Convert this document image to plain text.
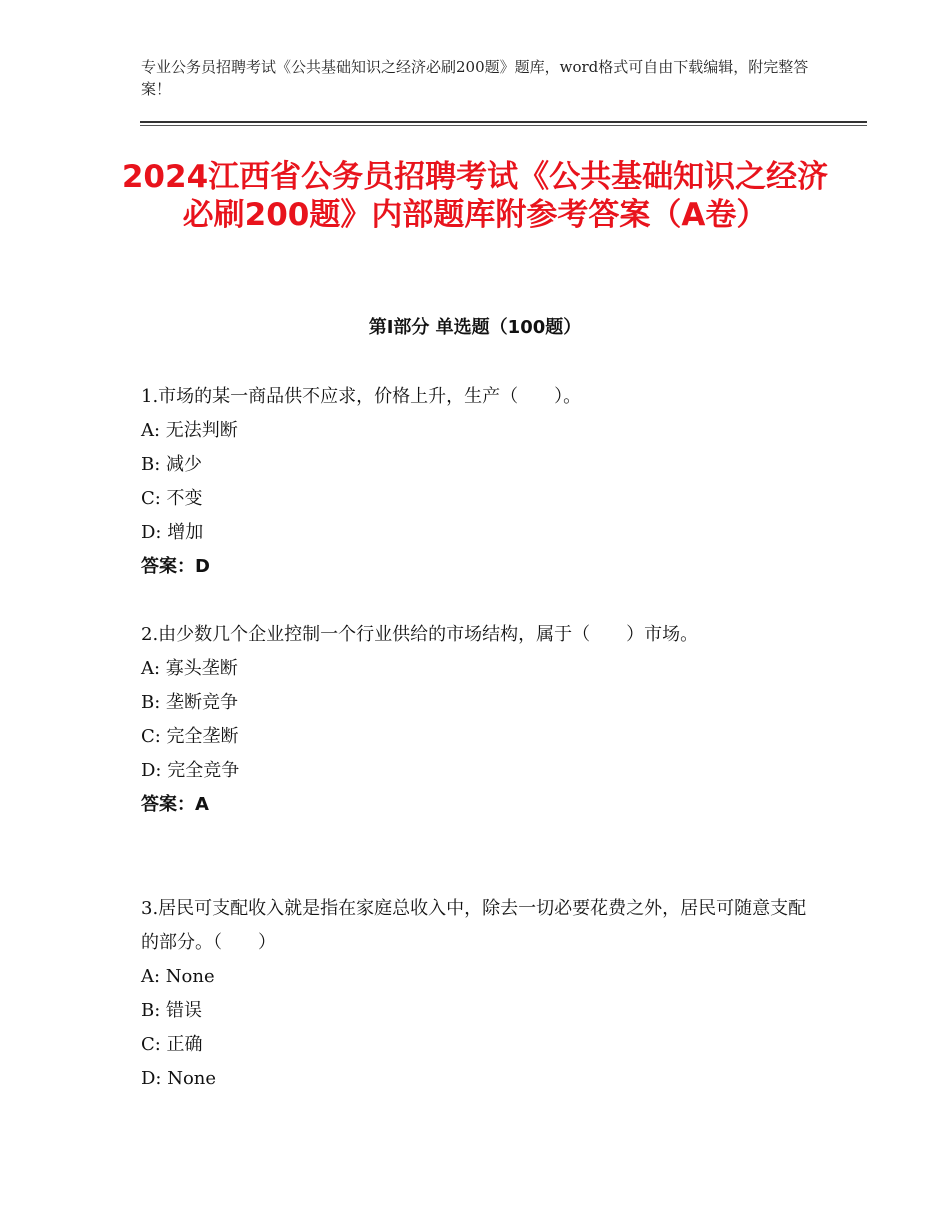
专业公务员招聘考试《公共基础知识之经济必刷200题》题库，word格式可自由下载编辑，附完整答案！
2024江西省公务员招聘考试《公共基础知识之经济必刷200题》内部题库附参考答案（A卷）
第Ⅰ部分 单选题（100题）

1.市场的某一商品供不应求，价格上升，生产（　　）。

A: 无法判断

B: 减少

C: 不变

D: 增加

答案：D

2.由少数几个企业控制一个行业供给的市场结构，属于（　　）市场。

A: 寡头垄断

B: 垄断竞争

C: 完全垄断

D: 完全竞争

答案：A

3.居民可支配收入就是指在家庭总收入中，除去一切必要花费之外，居民可随意支配的部分。（　　）

A: None

B: 错误

C: 正确

D: None
